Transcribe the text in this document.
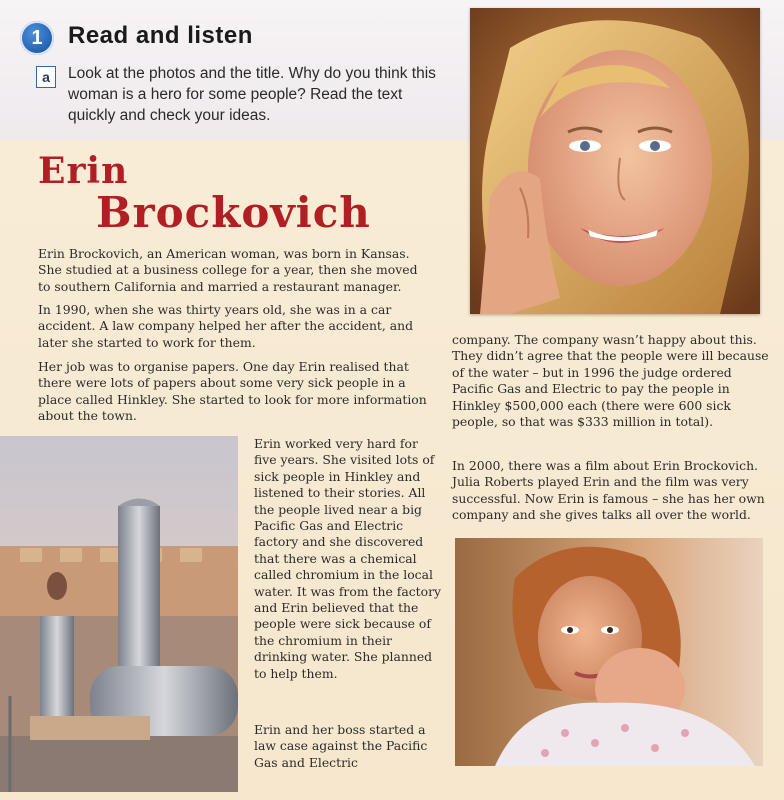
1	Read and listen
a	Look at the photos and the title. Why do you think this woman is a hero for some people? Read the text quickly and check your ideas.
Erin
Brockovich

Erin Brockovich, an American woman, was born in Kansas. She studied at a business college for a year, then she moved to southern California and married a restaurant manager.

In 1990, when she was thirty years old, she was in a car accident. A law company helped her after the accident, and later she started to work for them.

Her job was to organise papers. One day Erin realised that there were lots of papers about some very sick people in a place called Hinkley. She started to look for more information about the town.

Erin worked very hard for five years. She visited lots of sick people in Hinkley and listened to their stories. All the people lived near a big Pacific Gas and Electric factory and she discovered that there was a chemical called chromium in the local water. It was from the factory and Erin believed that the people were sick because of the chromium in their drinking water. She planned to help them.

Erin and her boss started a law case against the Pacific Gas and Electric

company. The company wasn’t happy about this. They didn’t agree that the people were ill because of the water – but in 1996 the judge ordered Pacific Gas and Electric to pay the people in Hinkley $500,000 each (there were 600 sick people, so that was $333 million in total).

In 2000, there was a film about Erin Brockovich. Julia Roberts played Erin and the film was very successful. Now Erin is famous – she has her own company and she gives talks all over the world.
